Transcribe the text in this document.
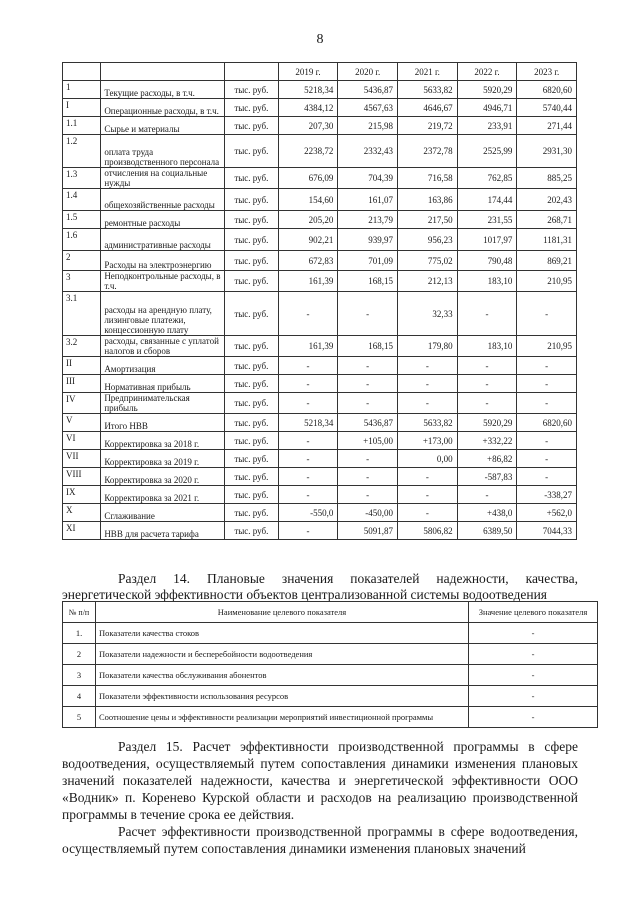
8
			2019 г.	2020 г.	2021 г.	2022 г.	2023 г.
1	Текущие расходы, в т.ч.	тыс. руб.	5218,34	5436,87	5633,82	5920,29	6820,60
I	Операционные расходы, в т.ч.	тыс. руб.	4384,12	4567,63	4646,67	4946,71	5740,44
1.1	Сырье и материалы	тыс. руб.	207,30	215,98	219,72	233,91	271,44
1.2	оплата труда производственного персонала	тыс. руб.	2238,72	2332,43	2372,78	2525,99	2931,30
1.3	отчисления на социальные нужды	тыс. руб.	676,09	704,39	716,58	762,85	885,25
1.4	общехозяйственные расходы	тыс. руб.	154,60	161,07	163,86	174,44	202,43
1.5	ремонтные расходы	тыс. руб.	205,20	213,79	217,50	231,55	268,71
1.6	административные расходы	тыс. руб.	902,21	939,97	956,23	1017,97	1181,31
2	Расходы на электроэнергию	тыс. руб.	672,83	701,09	775,02	790,48	869,21
3	Неподконтрольные расходы, в т.ч.	тыс. руб.	161,39	168,15	212,13	183,10	210,95
3.1	расходы на арендную плату, лизинговые платежи, концессионную плату	тыс. руб.	-	-	32,33	-	-
3.2	расходы, связанные с уплатой налогов и сборов	тыс. руб.	161,39	168,15	179,80	183,10	210,95
II	Амортизация	тыс. руб.	-	-	-	-	-
III	Нормативная прибыль	тыс. руб.	-	-	-	-	-
IV	Предпринимательская прибыль	тыс. руб.	-	-	-	-	-
V	Итого НВВ	тыс. руб.	5218,34	5436,87	5633,82	5920,29	6820,60
VI	Корректировка за 2018 г.	тыс. руб.	-	+105,00	+173,00	+332,22	-
VII	Корректировка за 2019 г.	тыс. руб.	-	-	0,00	+86,82	-
VIII	Корректировка за 2020 г.	тыс. руб.	-	-	-	-587,83	-
IX	Корректировка за 2021 г.	тыс. руб.	-	-	-	-	-338,27
X	Сглаживание	тыс. руб.	-550,0	-450,00	-	+438,0	+562,0
XI	НВВ для расчета тарифа	тыс. руб.	-	5091,87	5806,82	6389,50	7044,33
Раздел 14. Плановые значения показателей надежности, качества,
энергетической эффективности объектов централизованной системы водоотведения
№ п/п	Наименование целевого показателя	Значение целевого показателя
1.	Показатели качества стоков	-
2	Показатели надежности и бесперебойности водоотведения	-
3	Показатели качества обслуживания абонентов	-
4	Показатели эффективности использования ресурсов	-
5	Соотношение цены и эффективности реализации мероприятий инвестиционной программы	-
Раздел 15. Расчет эффективности производственной программы в сфере водоотведения, осуществляемый путем сопоставления динамики изменения плановых значений показателей надежности, качества и энергетической эффективности ООО «Водник» п. Коренево Курской области и расходов на реализацию производственной программы в течение срока ее действия.
Расчет эффективности производственной программы в сфере водоотведения, осуществляемый путем сопоставления динамики изменения плановых значений
